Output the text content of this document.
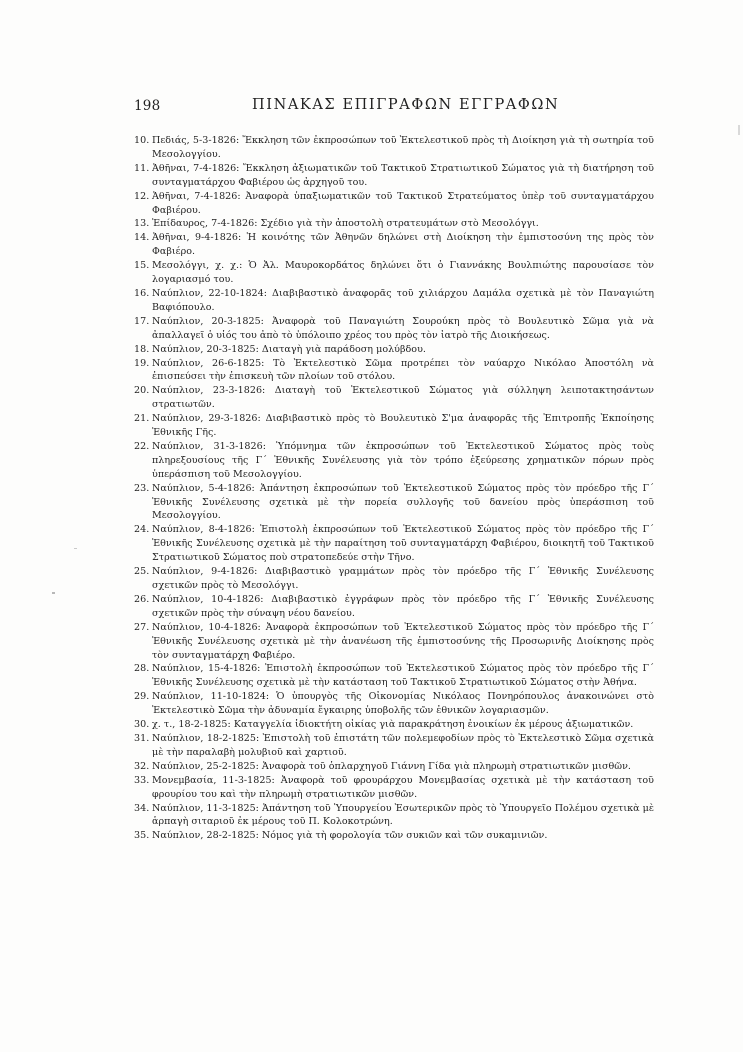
198	ΠΙΝΑΚΑΣ ΕΠΙΓΡΑΦΩΝ ΕΓΓΡΑΦΩΝ
10. Πεδιάς, 5-3-1826: Ἔκκληση τῶν ἐκπροσώπων τοῦ Ἐκτελεστικοῦ πρὸς τὴ Διοίκηση γιὰ τὴ σωτηρία τοῦ Μεσολογγίου.
11. Ἀθῆναι, 7-4-1826: Ἔκκληση ἀξιωματικῶν τοῦ Τακτικοῦ Στρατιωτικοῦ Σώματος γιὰ τὴ διατήρηση τοῦ συνταγματάρχου Φαβιέρου ὡς ἀρχηγοῦ του.
12. Ἀθῆναι, 7-4-1826: Ἀναφορὰ ὑπαξιωματικῶν τοῦ Τακτικοῦ Στρατεύματος ὑπὲρ τοῦ συνταγματάρχου Φαβιέρου.
13. Ἐπίδαυρος, 7-4-1826: Σχέδιο γιὰ τὴν ἀποστολὴ στρατευμάτων στὸ Μεσολόγγι.
14. Ἀθῆναι, 9-4-1826: Ἡ κοινότης τῶν Ἀθηνῶν δηλώνει στὴ Διοίκηση τὴν ἐμπιστοσύνη της πρὸς τὸν Φαβιέρο.
15. Μεσολόγγι, χ. χ.: Ὁ Ἀλ. Μαυροκορδάτος δηλώνει ὅτι ὁ Γιαννάκης Βουλπιώτης παρουσίασε τὸν λογαριασμό του.
16. Ναύπλιον, 22-10-1824: Διαβιβαστικὸ ἀναφορᾶς τοῦ χιλιάρχου Δαμάλα σχετικὰ μὲ τὸν Παναγιώτη Βαφιόπουλο.
17. Ναύπλιον, 20-3-1825: Ἀναφορὰ τοῦ Παναγιώτη Σουρούκη πρὸς τὸ Βουλευτικὸ Σῶμα γιὰ νὰ ἀπαλλαγεῖ ὁ υἱός του ἀπὸ τὸ ὑπόλοιπο χρέος του πρὸς τὸν ἰατρὸ τῆς Διοικήσεως.
18. Ναύπλιον, 20-3-1825: Διαταγὴ γιὰ παράδοση μολύβδου.
19. Ναύπλιον, 26-6-1825: Τὸ Ἐκτελεστικὸ Σῶμα προτρέπει τὸν ναύαρχο Νικόλαο Ἀποστόλη νὰ ἐπισπεύσει τὴν ἐπισκευὴ τῶν πλοίων τοῦ στόλου.
20. Ναύπλιον, 23-3-1826: Διαταγὴ τοῦ Ἐκτελεστικοῦ Σώματος γιὰ σύλληψη λειποτακτησάντων στρατιωτῶν.
21. Ναύπλιον, 29-3-1826: Διαβιβαστικὸ πρὸς τὸ Βουλευτικὸ Σ'μα ἀναφορᾶς τῆς Ἐπιτροπῆς Ἐκποίησης Ἐθνικῆς Γῆς.
22. Ναύπλιον, 31-3-1826: Ὑπόμνημα τῶν ἐκπροσώπων τοῦ Ἐκτελεστικοῦ Σώματος πρὸς τοὺς πληρεξουσίους τῆς Γ´ Ἐθνικῆς Συνέλευσης γιὰ τὸν τρόπο ἐξεύρεσης χρηματικῶν πόρων πρὸς ὑπεράσπιση τοῦ Μεσολογγίου.
23. Ναύπλιον, 5-4-1826: Ἀπάντηση ἐκπροσώπων τοῦ Ἐκτελεστικοῦ Σώματος πρὸς τὸν πρόεδρο τῆς Γ´ Ἐθνικῆς Συνέλευσης σχετικὰ μὲ τὴν πορεία συλλογῆς τοῦ δανείου πρὸς ὑπεράσπιση τοῦ Μεσολογγίου.
24. Ναύπλιον, 8-4-1826: Ἐπιστολὴ ἐκπροσώπων τοῦ Ἐκτελεστικοῦ Σώματος πρὸς τὸν πρόεδρο τῆς Γ´ Ἐθνικῆς Συνέλευσης σχετικὰ μὲ τὴν παραίτηση τοῦ συνταγματάρχη Φαβιέρου, διοικητῆ τοῦ Τακτικοῦ Στρατιωτικοῦ Σώματος ποὺ στρατοπεδεύε στὴν Τῆνο.
25. Ναύπλιον, 9-4-1826: Διαβιβαστικὸ γραμμάτων πρὸς τὸν πρόεδρο τῆς Γ´ Ἐθνικῆς Συνέλευσης σχετικῶν πρὸς τὸ Μεσολόγγι.
26. Ναύπλιον, 10-4-1826: Διαβιβαστικὸ ἐγγράφων πρὸς τὸν πρόεδρο τῆς Γ´ Ἐθνικῆς Συνέλευσης σχετικῶν πρὸς τὴν σύναψη νέου δανείου.
27. Ναύπλιον, 10-4-1826: Ἀναφορὰ ἐκπροσώπων τοῦ Ἐκτελεστικοῦ Σώματος πρὸς τὸν πρόεδρο τῆς Γ´ Ἐθνικῆς Συνέλευσης σχετικὰ μὲ τὴν ἀνανέωση τῆς ἐμπιστοσύνης τῆς Προσωρινῆς Διοίκησης πρὸς τὸν συνταγματάρχη Φαβιέρο.
28. Ναύπλιον, 15-4-1826: Ἐπιστολὴ ἐκπροσώπων τοῦ Ἐκτελεστικοῦ Σώματος πρὸς τὸν πρόεδρο τῆς Γ´ Ἐθνικῆς Συνέλευσης σχετικὰ μὲ τὴν κατάσταση τοῦ Τακτικοῦ Στρατιωτικοῦ Σώματος στὴν Ἀθήνα.
29. Ναύπλιον, 11-10-1824: Ὁ ὑπουργὸς τῆς Οἰκονομίας Νικόλαος Πονηρόπουλος ἀνακοινώνει στὸ Ἐκτελεστικὸ Σῶμα τὴν ἀδυναμία ἔγκαιρης ὑποβολῆς τῶν ἐθνικῶν λογαριασμῶν.
30. χ. τ., 18-2-1825: Καταγγελία ἰδιοκτήτη οἰκίας γιὰ παρακράτηση ἐνοικίων ἐκ μέρους ἀξιωματικῶν.
31. Ναύπλιον, 18-2-1825: Ἐπιστολὴ τοῦ ἐπιστάτη τῶν πολεμεφοδίων πρὸς τὸ Ἐκτελεστικὸ Σῶμα σχετικὰ μὲ τὴν παραλαβὴ μολυβιοῦ καὶ χαρτιοῦ.
32. Ναύπλιον, 25-2-1825: Ἀναφορὰ τοῦ ὁπλαρχηγοῦ Γιάννη Γίδα γιὰ πληρωμὴ στρατιωτικῶν μισθῶν.
33. Μονεμβασία, 11-3-1825: Ἀναφορὰ τοῦ φρουράρχου Μονεμβασίας σχετικὰ μὲ τὴν κατάσταση τοῦ φρουρίου του καὶ τὴν πληρωμὴ στρατιωτικῶν μισθῶν.
34. Ναύπλιον, 11-3-1825: Ἀπάντηση τοῦ Ὑπουργείου Ἐσωτερικῶν πρὸς τὸ Ὑπουργεῖο Πολέμου σχετικὰ μὲ ἁρπαγὴ σιταριοῦ ἐκ μέρους τοῦ Π. Κολοκοτρώνη.
35. Ναύπλιον, 28-2-1825: Νόμος γιὰ τὴ φορολογία τῶν συκιῶν καὶ τῶν συκαμινιῶν.
